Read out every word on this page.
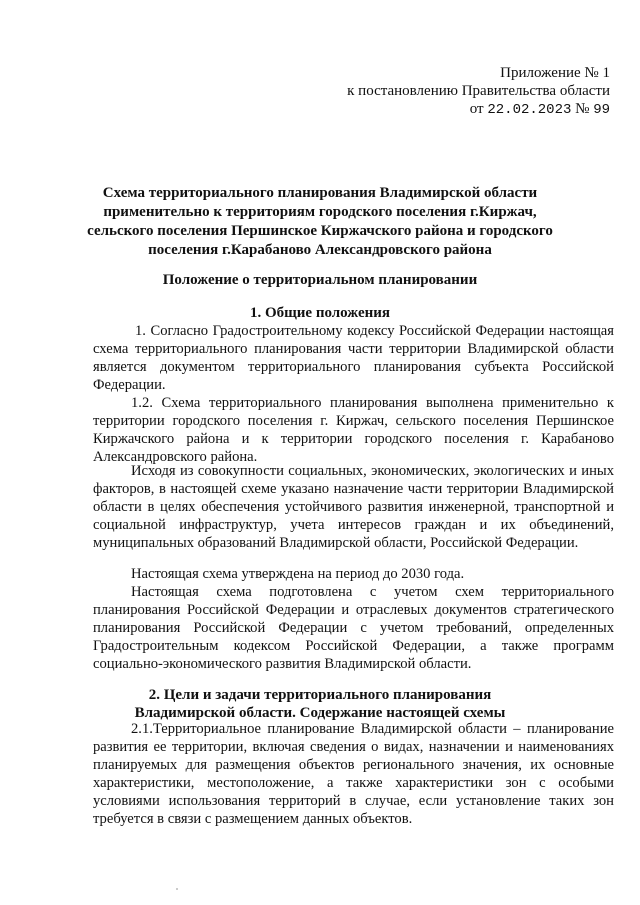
Приложение № 1
к постановлению Правительства области
от 22.02.2023 № 99
Схема территориального планирования Владимирской области применительно к территориям городского поселения г.Киржач, сельского поселения Першинское Киржачского района и городского поселения г.Карабаново Александровского района
Положение о территориальном планировании
1. Общие положения

1. Согласно Градостроительному кодексу Российской Федерации настоящая схема территориального планирования части территории Владимирской области является документом территориального планирования субъекта Российской Федерации.

1.2. Схема территориального планирования выполнена применительно к территории городского поселения г. Киржач, сельского поселения Першинское Киржачского района и к территории городского поселения г. Карабаново Александровского района.

Исходя из совокупности социальных, экономических, экологических и иных факторов, в настоящей схеме указано назначение части территории Владимирской области в целях обеспечения устойчивого развития инженерной, транспортной и социальной инфраструктур, учета интересов граждан и их объединений, муниципальных образований Владимирской области, Российской Федерации.

Настоящая схема утверждена на период до 2030 года.

Настоящая схема подготовлена с учетом схем территориального планирования Российской Федерации и отраслевых документов стратегического планирования Российской Федерации с учетом требований, определенных Градостроительным кодексом Российской Федерации, а также программ социально-экономического развития Владимирской области.

2. Цели и задачи территориального планирования
Владимирской области. Содержание настоящей схемы

2.1.Территориальное планирование Владимирской области – планирование развития ее территории, включая сведения о видах, назначении и наименованиях планируемых для размещения объектов регионального значения, их основные характеристики, местоположение, а также характеристики зон с особыми условиями использования территорий в случае, если установление таких зон требуется в связи с размещением данных объектов.
